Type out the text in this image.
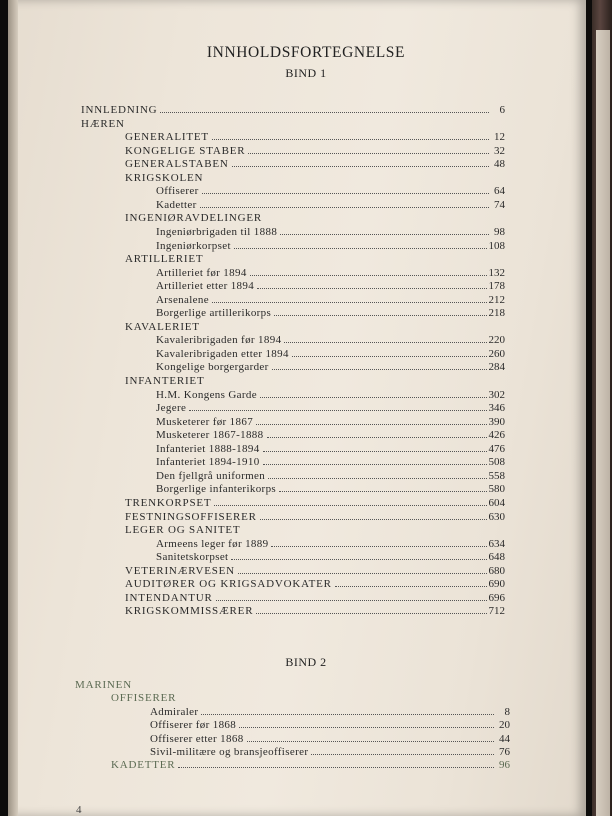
INNHOLDSFORTEGNELSE
BIND 1
BIND 2
INNLEDNING	6
HÆREN
GENERALITET	12
KONGELIGE STABER	32
GENERALSTABEN	48
KRIGSKOLEN
Offiserer	64
Kadetter	74
INGENIØRAVDELINGER
Ingeniørbrigaden til 1888	98
Ingeniørkorpset	108
ARTILLERIET
Artilleriet før 1894	132
Artilleriet etter 1894	178
Arsenalene	212
Borgerlige artillerikorps	218
KAVALERIET
Kavaleribrigaden før 1894	220
Kavaleribrigaden etter 1894	260
Kongelige borgergarder	284
INFANTERIET
H.M. Kongens Garde	302
Jegere	346
Musketerer før 1867	390
Musketerer 1867-1888	426
Infanteriet 1888-1894	476
Infanteriet 1894-1910	508
Den fjellgrå uniformen	558
Borgerlige infanterikorps	580
TRENKORPSET	604
FESTNINGSOFFISERER	630
LEGER OG SANITET
Armeens leger før 1889	634
Sanitetskorpset	648
VETERINÆRVESEN	680
AUDITØRER OG KRIGSADVOKATER	690
INTENDANTUR	696
KRIGSKOMMISSÆRER	712
MARINEN
OFFISERER
Admiraler	8
Offiserer før 1868	20
Offiserer etter 1868	44
Sivil-militære og bransjeoffiserer	76
KADETTER	96
4
